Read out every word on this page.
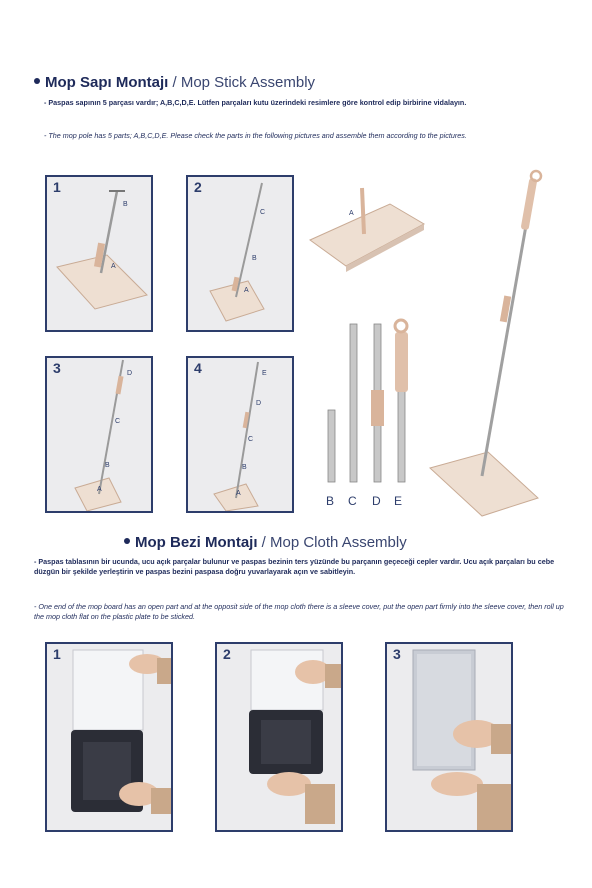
Mop Sapı Montajı / Mop Stick Assembly
- Paspas sapının 5 parçası vardır; A,B,C,D,E. Lütfen parçaları kutu üzerindeki resimlere göre kontrol edip birbirine vidalayın.
- The mop pole has 5 parts; A,B,C,D,E. Please check the parts in the following pictures and assemble them according to the pictures.
1
B
A
2
C
B
A
A
3	D
C
B
A
4	E
D
C
B
A
B C D E
Mop Bezi Montajı / Mop Cloth Assembly
- Paspas tablasının bir ucunda, ucu açık parçalar bulunur ve paspas bezinin ters yüzünde bu parçanın geçeceği cepler vardır. Ucu açık parçaları bu cebe düzgün bir şekilde yerleştirin ve paspas bezini paspasa doğru yuvarlayarak açın ve sabitleyin.
- One end of the mop board has an open part and at the opposit side of the mop cloth there is a sleeve cover, put the open part firmly into the sleeve cover, then roll up the mop cloth flat on the plastic plate to be sticked.
1	2	3
